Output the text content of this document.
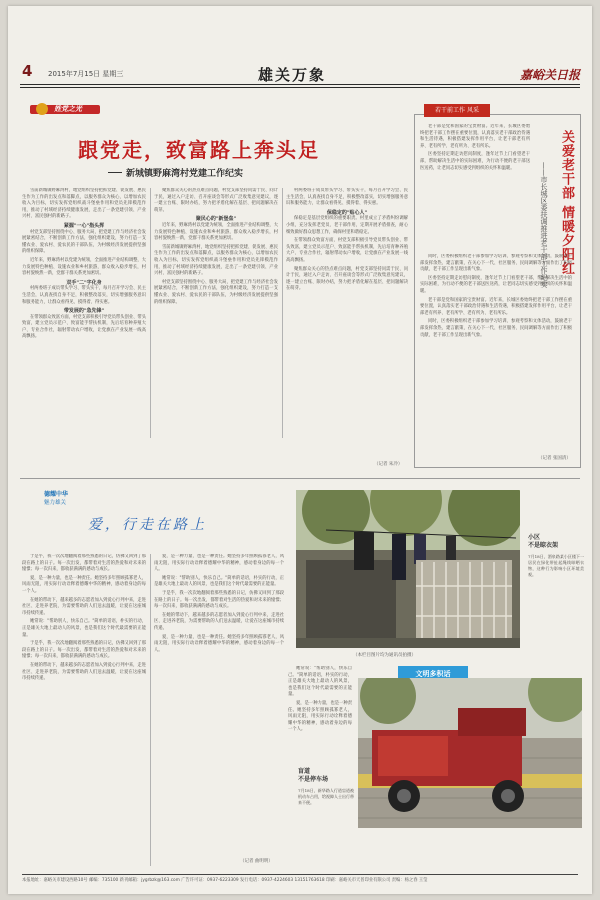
4 2015年7月15日 星期三	雄关万象	嘉峪关日报
姓党之光
跟党走，致富路上奔头足
新城镇野麻湾村党建工作纪实

雪前新城镇野麻湾村，地党组织坚持把抓党建、促发展、惠民生作为工作的出发点和落脚点，以服务群众为核心，以增加农民收入为目标，切实发挥党组织战斗堡垒作用和党员先锋模范作用，推动了村域经济持续健康发展，走出了一条党建引领、产业兴村、富民强村的新路子。

紧握"一心"指头挥

村党支部坚持围绕中心、服务大局，把党建工作与经济社会发展紧密结合，不断创新工作方法，强化组织建设，努力打造一支懂农业、爱农村、爱农民的干部队伍，为村级经济发展提供坚强的组织保障。

近年来，野麻湾村以党建为统领，全面推进产业结构调整，大力发展特色种植、设施农业和乡村旅游，群众收入稳步增长，村容村貌焕然一新，党群干群关系更加密切。

双手"二"字化身

村两委班子成员带头学习、带头实干，每月召开学习会、民主生活会，认真查找自身不足，积极整改落实，切实增强服务意识和服务能力，让群众看得见、摸得着、得实惠。

带发展的"急先锋"

在带领群众致富方面，村党支部积极引导党员带头创业、带头致富，建立党员示范户、致富能手帮扶机制，先后培育种养殖大户、专业合作社，辐射带动农户增收，让党旗在产业发展一线高高飘扬。

聚焦群众关心的热点难点问题，村党支部坚持问需于民、问计于民，通过入户走访、召开座谈会等形式广泛收集意见建议，逐一建立台账、限时办结，努力把矛盾化解在基层、把问题解决在萌芽。

聚民心的"新堡垒"

近年来，野麻湾村以党建为统领，全面推进产业结构调整，大力发展特色种植、设施农业和乡村旅游，群众收入稳步增长，村容村貌焕然一新，党群干群关系更加密切。

雪前新城镇野麻湾村，地党组织坚持把抓党建、促发展、惠民生作为工作的出发点和落脚点，以服务群众为核心，以增加农民收入为目标，切实发挥党组织战斗堡垒作用和党员先锋模范作用，推动了村域经济持续健康发展，走出了一条党建引领、产业兴村、富民强村的新路子。

村党支部坚持围绕中心、服务大局，把党建工作与经济社会发展紧密结合，不断创新工作方法，强化组织建设，努力打造一支懂农业、爱农村、爱农民的干部队伍，为村级经济发展提供坚强的组织保障。

村两委班子成员带头学习、带头实干，每月召开学习会、民主生活会，认真查找自身不足，积极整改落实，切实增强服务意识和服务能力，让群众看得见、摸得着、得实惠。

保稳定的"贴心人"

保稳定是基层党组织的重要职责。村里成立了矛盾纠纷调解小组，充分发挥老党员、老干部作用，定期开展矛盾排查，耐心细致做好群众思想工作，确保村里和谐稳定。

在带领群众致富方面，村党支部积极引导党员带头创业、带头致富，建立党员示范户、致富能手帮扶机制，先后培育种养殖大户、专业合作社，辐射带动农户增收，让党旗在产业发展一线高高飘扬。

聚焦群众关心的热点难点问题，村党支部坚持问需于民、问计于民，通过入户走访、召开座谈会等形式广泛收集意见建议，逐一建立台账、限时办结，努力把矛盾化解在基层、把问题解决在萌芽。

（记者 朱冷）
若干前工作 风采
关爱老干部 情暖夕阳红
——市长城区委扶调推进老干部工作纪实

老干部是党和国家的宝贵财富。近年来，长城区委始终把老干部工作摆在重要位置，认真落实老干部政治待遇和生活待遇，积极搭建发挥作用平台，让老干部老有所养、老有所学、老有所为、老有所乐。

区委坚持定期走访慰问制度，逢年过节上门看望老干部，帮助解决生活中的实际困难，为行动不便的老干部送医送药，让老同志切实感受到组织的关怀和温暖。

同时，区委积极组织老干部参加学习培训、参观考察和文体活动，鼓励老干部发挥余热、建言献策，在关心下一代、社区服务、民间调解等方面作出了积极贡献，老干部工作呈现出新气象。

区委坚持定期走访慰问制度，逢年过节上门看望老干部，帮助解决生活中的实际困难，为行动不便的老干部送医送药，让老同志切实感受到组织的关怀和温暖。

老干部是党和国家的宝贵财富。近年来，长城区委始终把老干部工作摆在重要位置，认真落实老干部政治待遇和生活待遇，积极搭建发挥作用平台，让老干部老有所养、老有所学、老有所为、老有所乐。

同时，区委积极组织老干部参加学习培训、参观考察和文体活动，鼓励老干部发挥余热、建言献策，在关心下一代、社区服务、民间调解等方面作出了积极贡献，老干部工作呈现出新气象。

（记者 张国清）
德耀中华
魅力雄关
爱，行走在路上

于是乎，我一次次地翻阅着那些熟悉的日记，仿佛又回到了那段在路上的日子。每一次出发，都带着对生活的热爱和对未来的憧憬；每一次归来，都收获满满的感动与成长。

爱，是一种力量，也是一种责任。她坚持多年照顾孤寡老人，风雨无阻，用实际行动诠释着德耀中华的精神，感动着身边的每一个人。

在她的带动下，越来越多的志愿者加入到爱心行列中来，走进社区、走进养老院，为需要帮助的人们送去温暖，让爱在这座城市持续传递。

她常说："帮助别人，快乐自己。"简单的话语，朴实的行动，正是雄关大地上最动人的风景，也是我们这个时代最需要的正能量。

于是乎，我一次次地翻阅着那些熟悉的日记，仿佛又回到了那段在路上的日子。每一次出发，都带着对生活的热爱和对未来的憧憬；每一次归来，都收获满满的感动与成长。

在她的带动下，越来越多的志愿者加入到爱心行列中来，走进社区、走进养老院，为需要帮助的人们送去温暖，让爱在这座城市持续传递。

爱，是一种力量，也是一种责任。她坚持多年照顾孤寡老人，风雨无阻，用实际行动诠释着德耀中华的精神，感动着身边的每一个人。

她常说："帮助别人，快乐自己。"简单的话语，朴实的行动，正是雄关大地上最动人的风景，也是我们这个时代最需要的正能量。

于是乎，我一次次地翻阅着那些熟悉的日记，仿佛又回到了那段在路上的日子。每一次出发，都带着对生活的热爱和对未来的憧憬；每一次归来，都收获满满的感动与成长。

在她的带动下，越来越多的志愿者加入到爱心行列中来，走进社区、走进养老院，为需要帮助的人们送去温暖，让爱在这座城市持续传递。

爱，是一种力量，也是一种责任。她坚持多年照顾孤寡老人，风雨无阻，用实际行动诠释着德耀中华的精神，感动着身边的每一个人。

她常说："帮助别人，快乐自己。"简单的话语，朴实的行动，正是雄关大地上最动人的风景，也是我们这个时代最需要的正能量。

爱，是一种力量，也是一种责任。她坚持多年照顾孤寡老人，风雨无阻，用实际行动诠释着德耀中华的精神，感动着身边的每一个人。

（记者 曲明明）
（本栏目图片均为通讯员拍摄）
小区
不是晾衣架
7月18日，酒泉路某小区楼下一居民在绿化带扯起绳线晾晒衣物，这种行为影响小区环境美观。
文明多积话
盲道
不是停车场
7月18日，新华路人行道盲道被机动车占用，给视障人士出行带来不便。
本报地址：嘉峪关市建设西路10号 邮编：735100 新刊邮箱：jygrbzk@163.com 广告许可证：0937-6223309 发行电话：0937-4224603 13151763618 印刷：嘉峪关市天普印业有限公司 责编：杨之春 王莹
